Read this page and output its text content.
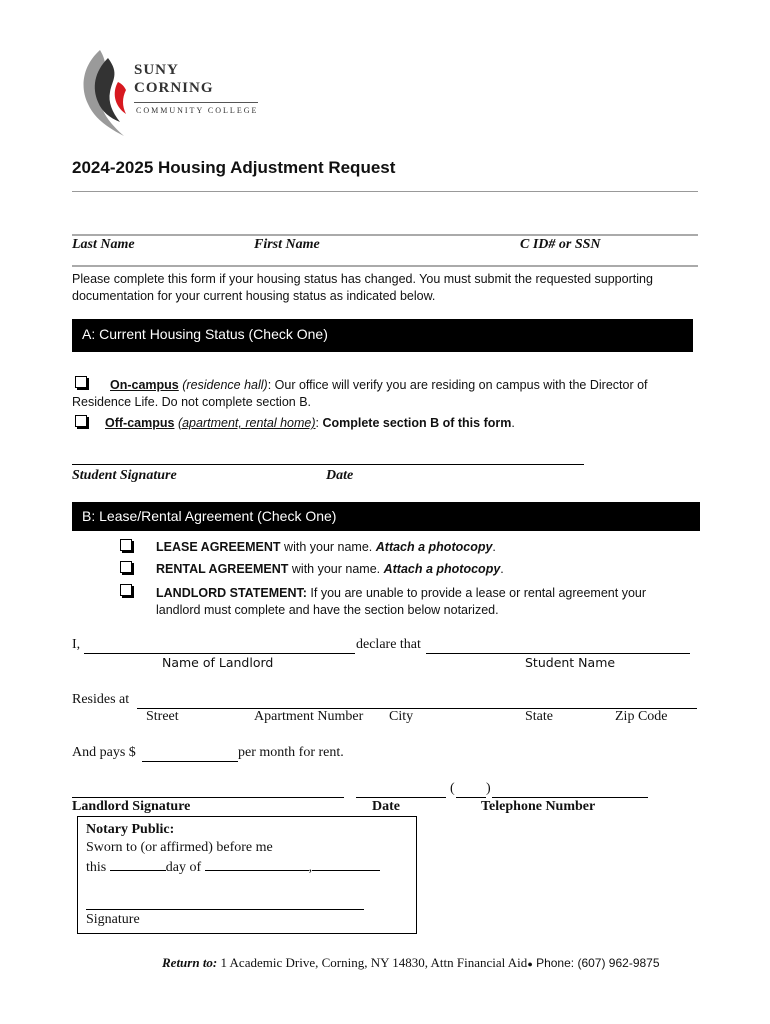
SUNY
CORNING
COMMUNITY COLLEGE
2024-2025 Housing Adjustment Request
Last Name	First Name	C ID# or SSN
Please complete this form if your housing status has changed. You must submit the requested supporting documentation for your current housing status as indicated below.
A: Current Housing Status (Check One)
On-campus (residence hall): Our office will verify you are residing on campus with the Director of Residence Life. Do not complete section B.
Off-campus (apartment, rental home): Complete section B of this form.
Student Signature	Date
B: Lease/Rental Agreement (Check One)
LEASE AGREEMENT with your name. Attach a photocopy.
RENTAL AGREEMENT with your name. Attach a photocopy.
LANDLORD STATEMENT: If you are unable to provide a lease or rental agreement your landlord must complete and have the section below notarized.
I,	declare that
Name of Landlord	Student Name
Resides at
Street	Apartment Number City	State	Zip Code
And pays $	per month for rent.
( )
Landlord Signature	Date	Telephone Number
Notary Public:
Sworn to (or affirmed) before me
this	day of	,
Signature
Return to: 1 Academic Drive, Corning, NY 14830, Attn Financial Aid● Phone: (607) 962-9875
